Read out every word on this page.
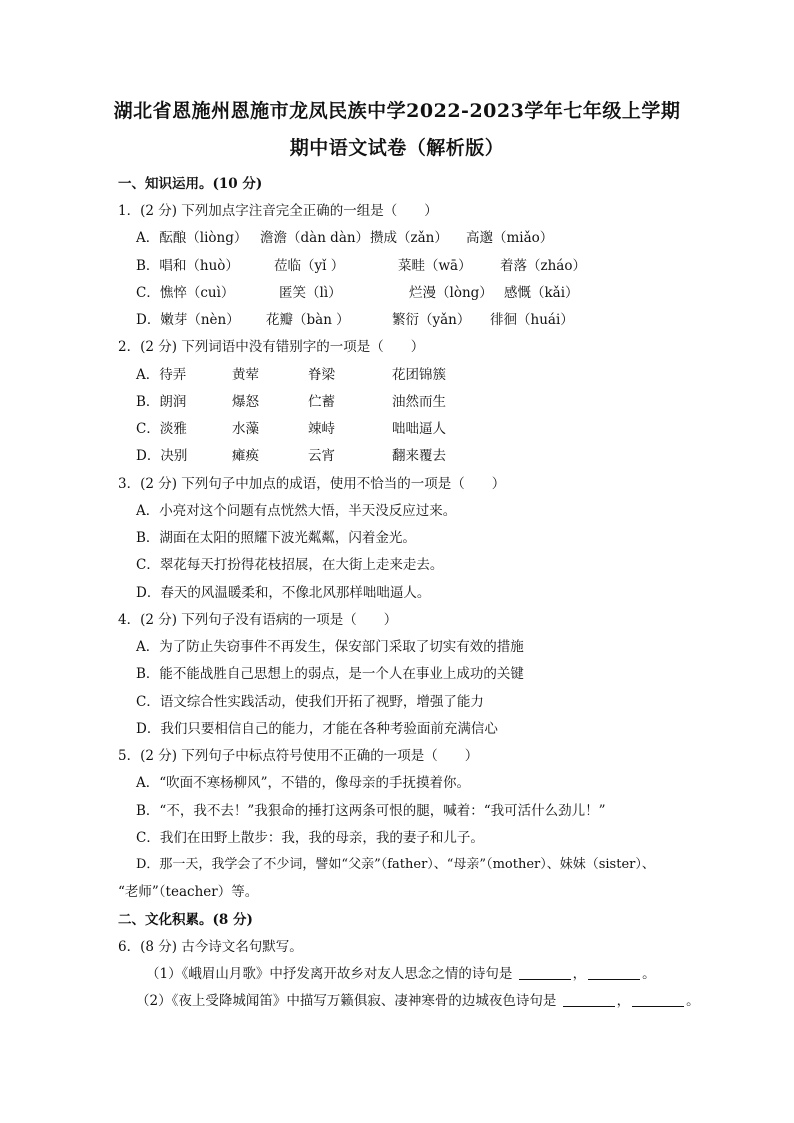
湖北省恩施州恩施市龙凤民族中学2022-2023学年七年级上学期
期中语文试卷（解析版）
一、知识运用。(10 分)
1．(2 分) 下列加点字注音完全正确的一组是（　　）
A．酝酿（liòng） 澹澹（dàn dàn） 攒成（zǎn） 高邈（miǎo）
B．唱和（huò）	莅临（yǐ ）	菜畦（wā） 着落（zháo）
C．憔悴（cuì）	匿笑（lì）	烂漫（lòng） 感慨（kǎi）
D．嫩芽（nèn） 花瓣（bàn ）	繁衍（yǎn） 徘徊（huái）
2．(2 分) 下列词语中没有错别字的一项是（　　）
A．待弄	黄荤	脊梁	花团锦簇
B．朗润	爆怒	伫蓄	油然而生
C．淡雅	水藻	竦峙	咄咄逼人
D．决别	瘫痪	云宵	翻来覆去
3．(2 分) 下列句子中加点的成语，使用不恰当的一项是（　　）
A．小亮对这个问题有点恍然大悟，半天没反应过来。
B．湖面在太阳的照耀下波光粼粼，闪着金光。
C．翠花每天打扮得花枝招展，在大街上走来走去。
D．春天的风温暖柔和，不像北风那样咄咄逼人。
4．(2 分) 下列句子没有语病的一项是（　　）
A．为了防止失窃事件不再发生，保安部门采取了切实有效的措施
B．能不能战胜自己思想上的弱点，是一个人在事业上成功的关键
C．语文综合性实践活动，使我们开拓了视野，增强了能力
D．我们只要相信自己的能力，才能在各种考验面前充满信心
5．(2 分) 下列句子中标点符号使用不正确的一项是（　　）
A．“吹面不寒杨柳风”，不错的，像母亲的手抚摸着你。
B．“不，我不去！”我狠命的捶打这两条可恨的腿，喊着：“我可活什么劲儿！”
C．我们在田野上散步：我，我的母亲，我的妻子和儿子。
D．那一天，我学会了不少词，譬如“父亲”（father）、“母亲”（mother）、妹妹（sister）、
“老师”（teacher）等。
二、文化积累。(8 分)
6．(8 分) 古今诗文名句默写。
（1）《峨眉山月歌》中抒发离开故乡对友人思念之情的诗句是	，	。
（2）《夜上受降城闻笛》中描写万籁俱寂、凄神寒骨的边城夜色诗句是	，	。
